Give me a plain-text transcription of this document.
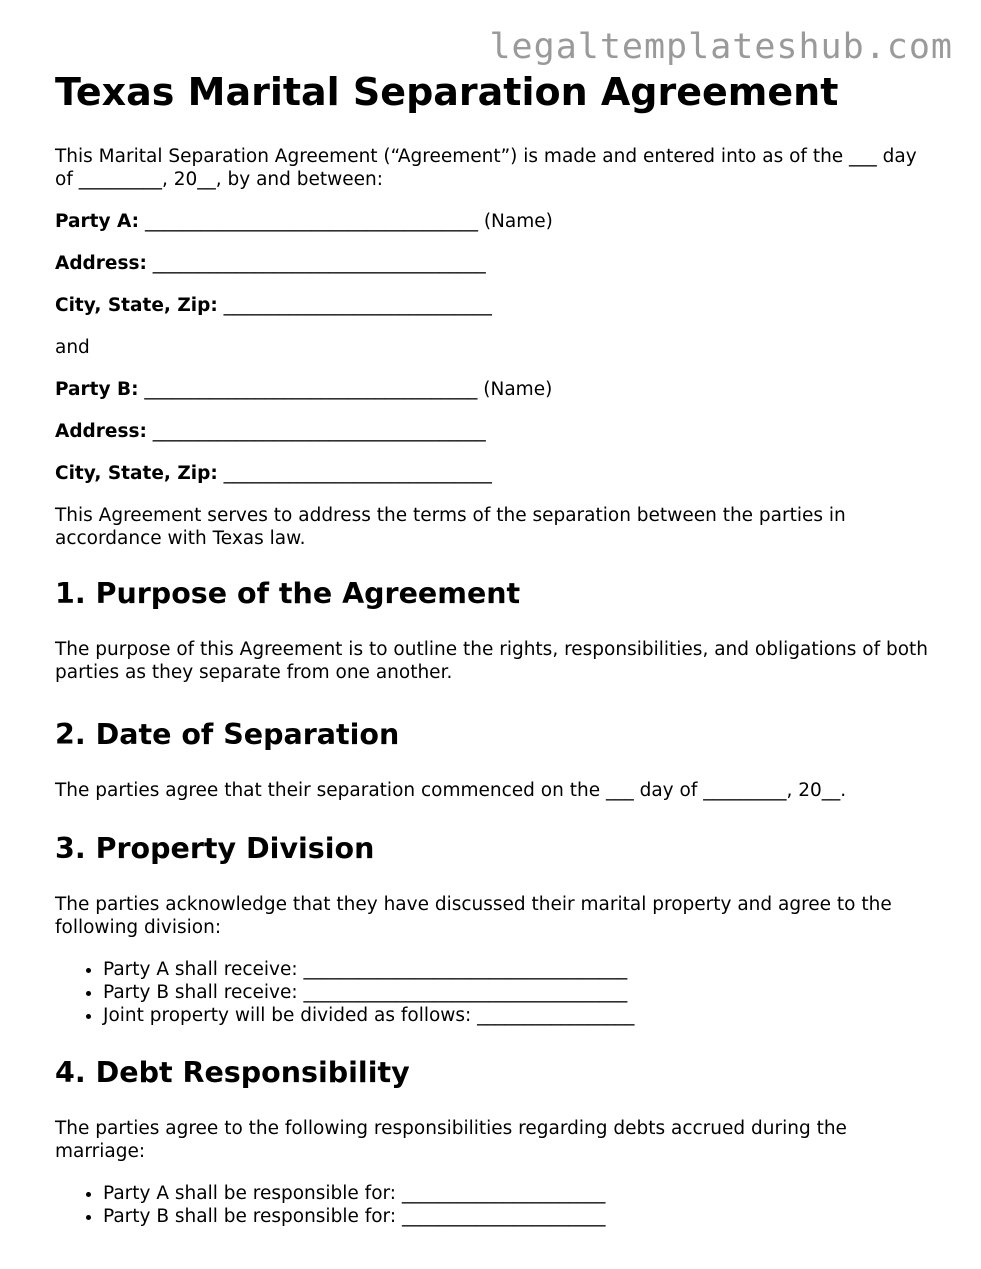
legaltemplateshub.com
Texas Marital Separation Agreement

This Marital Separation Agreement (“Agreement”) is made and entered into as of the ___ day of _________, 20__, by and between:

Party A: ____________________________________ (Name)
Address: ____________________________________
City, State, Zip: _____________________________

and

Party B: ____________________________________ (Name)
Address: ____________________________________
City, State, Zip: _____________________________

This Agreement serves to address the terms of the separation between the parties in accordance with Texas law.

1. Purpose of the Agreement

The purpose of this Agreement is to outline the rights, responsibilities, and obligations of both parties as they separate from one another.

2. Date of Separation

The parties agree that their separation commenced on the ___ day of _________, 20__.

3. Property Division

The parties acknowledge that they have discussed their marital property and agree to the following division:

• Party A shall receive: ___________________________________
• Party B shall receive: ___________________________________
• Joint property will be divided as follows: _________________
4. Debt Responsibility

The parties agree to the following responsibilities regarding debts accrued during the marriage:

• Party A shall be responsible for: ______________________
• Party B shall be responsible for: ______________________
